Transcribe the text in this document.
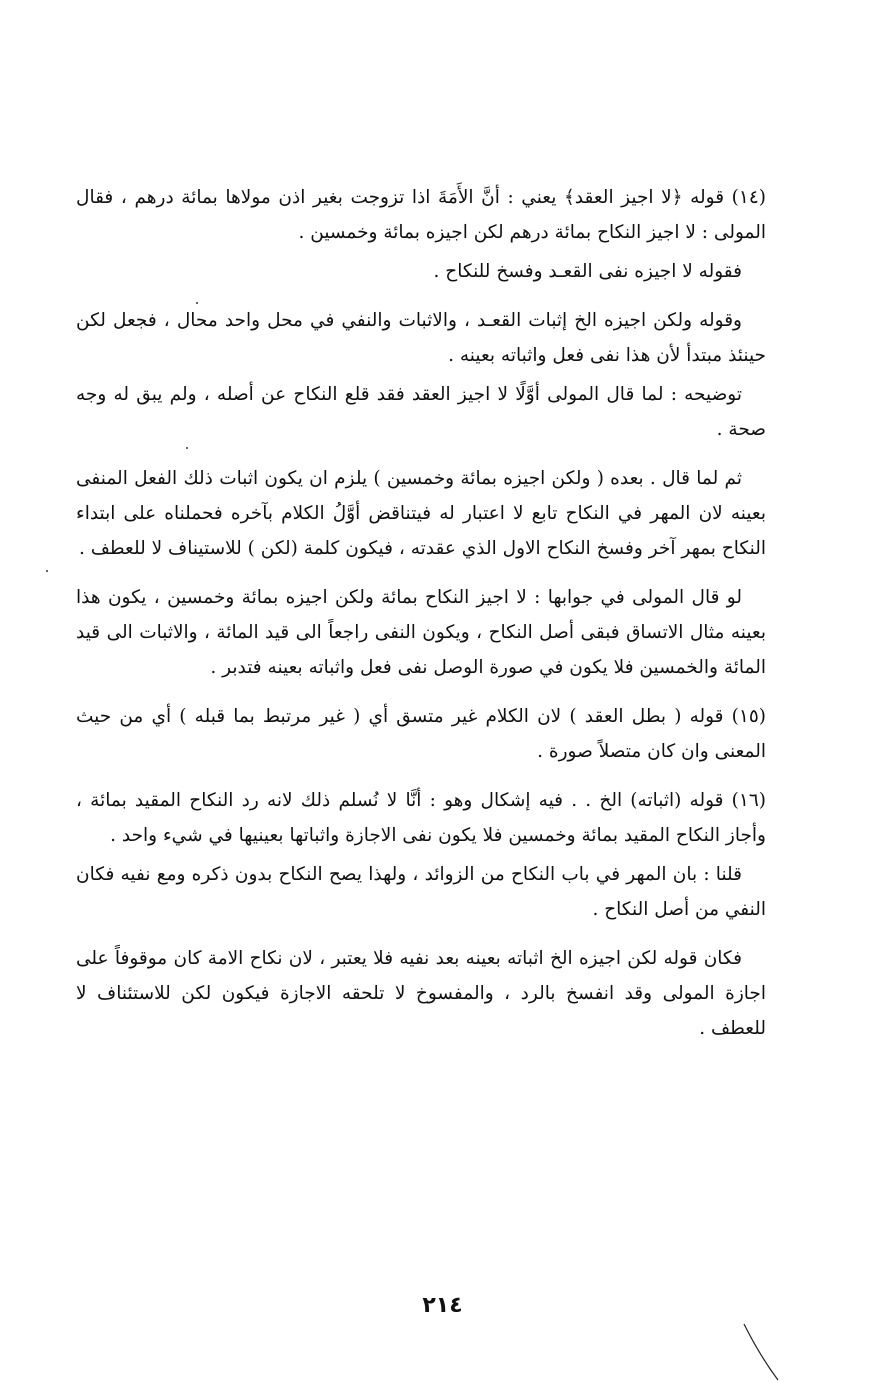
(١٤) قوله ﴿لا اجيز العقد﴾ يعني : أنَّ الأَمَةَ اذا تزوجت بغير اذن مولاها بمائة درهم ، فقال المولى : لا اجيز النكاح بمائة درهم لكن اجيزه بمائة وخمسين .

فقوله لا اجيزه نفى القعـد وفسخ للنكاح .

وقوله ولكن اجيزه الخ إثبات القعـد ، والاثبات والنفي في محل واحد محال ، فجعل لكن حينئذ مبتدأ لأن هذا نفى فعل واثباته بعينه .

توضيحه : لما قال المولى أوَّلًا لا اجيز العقد فقد قلع النكاح عن أصله ، ولم يبق له وجه صحة .

ثم لما قال . بعده ( ولكن اجيزه بمائة وخمسين ) يلزم ان يكون اثبات ذلك الفعل المنفى بعينه لان المهر في النكاح تابع لا اعتبار له فيتناقض أوَّلُ الكلام بآخره فحملناه على ابتداء النكاح بمهر آخر وفسخ النكاح الاول الذي عقدته ، فيكون كلمة (لكن ) للاستيناف لا للعطف .

لو قال المولى في جوابها : لا اجيز النكاح بمائة ولكن اجيزه بمائة وخمسين ، يكون هذا بعينه مثال الاتساق فبقى أصل النكاح ، ويكون النفى راجعاً الى قيد المائة ، والاثبات الى قيد المائة والخمسين فلا يكون في صورة الوصل نفى فعل واثباته بعينه فتدبر .

(١٥) قوله ( بطل العقد ) لان الكلام غير متسق أي ( غير مرتبط بما قبله ) أي من حيث المعنى وان كان متصلاً صورة .

(١٦) قوله (اثباته) الخ . . فيه إشكال وهو : أنَّا لا نُسلم ذلك لانه رد النكاح المقيد بمائة ، وأجاز النكاح المقيد بمائة وخمسين فلا يكون نفى الاجازة واثباتها بعينيها في شيء واحد .

قلنا : بان المهر في باب النكاح من الزوائد ، ولهذا يصح النكاح بدون ذكره ومع نفيه فكان النفي من أصل النكاح .

فكان قوله لكن اجيزه الخ اثباته بعينه بعد نفيه فلا يعتبر ، لان نكاح الامة كان موقوفاً على اجازة المولى وقد انفسخ بالرد ، والمفسوخ لا تلحقه الاجازة فيكون لكن للاستئناف لا للعطف .

٢١٤
